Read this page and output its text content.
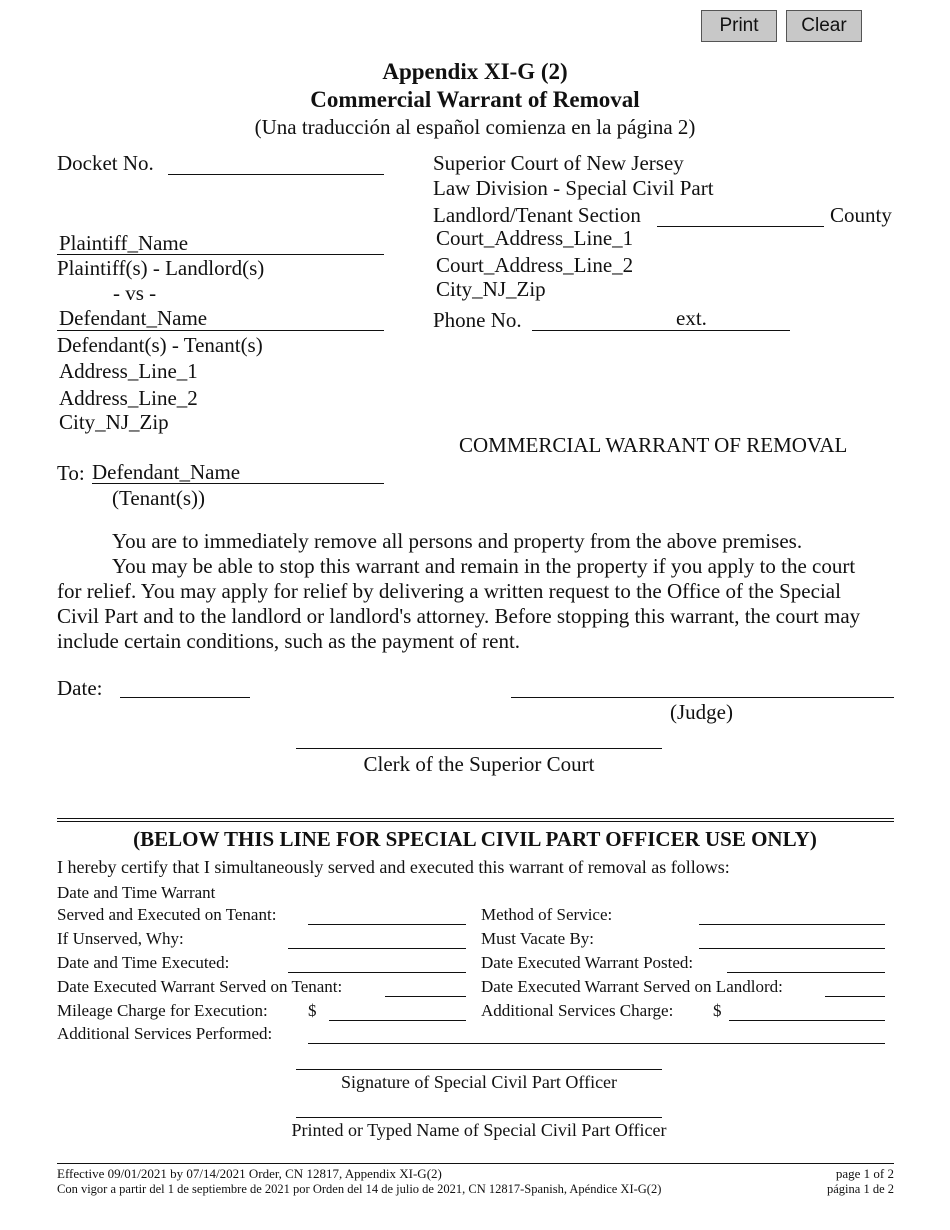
Print	Clear
Appendix XI-G (2)
Commercial Warrant of Removal
(Una traducción al español comienza en la página 2)
Docket No.
Plaintiff_Name
Plaintiff(s) - Landlord(s)
- vs -
Defendant_Name
Defendant(s) - Tenant(s)
Address_Line_1
Address_Line_2
City_NJ_Zip
To: Defendant_Name
(Tenant(s))
Superior Court of New Jersey
Law Division - Special Civil Part
Landlord/Tenant Section	County
Court_Address_Line_1
Court_Address_Line_2
City_NJ_Zip
Phone No.	ext.
COMMERCIAL WARRANT OF REMOVAL
You are to immediately remove all persons and property from the above premises.
You may be able to stop this warrant and remain in the property if you apply to the court
for relief. You may apply for relief by delivering a written request to the Office of the Special
Civil Part and to the landlord or landlord's attorney. Before stopping this warrant, the court may
include certain conditions, such as the payment of rent.
Date:
(Judge)
Clerk of the Superior Court
(BELOW THIS LINE FOR SPECIAL CIVIL PART OFFICER USE ONLY)
I hereby certify that I simultaneously served and executed this warrant of removal as follows:
Date and Time Warrant
Served and Executed on Tenant:	Method of Service:
If Unserved, Why:	Must Vacate By:
Date and Time Executed:	Date Executed Warrant Posted:
Date Executed Warrant Served on Tenant:	Date Executed Warrant Served on Landlord:
Mileage Charge for Execution: $	Additional Services Charge: $
Additional Services Performed:
Signature of Special Civil Part Officer
Printed or Typed Name of Special Civil Part Officer
Effective 09/01/2021 by 07/14/2021 Order, CN 12817, Appendix XI-G(2)	page 1 of 2
Con vigor a partir del 1 de septiembre de 2021 por Orden del 14 de julio de 2021, CN 12817-Spanish, Apéndice XI-G(2)	página 1 de 2
